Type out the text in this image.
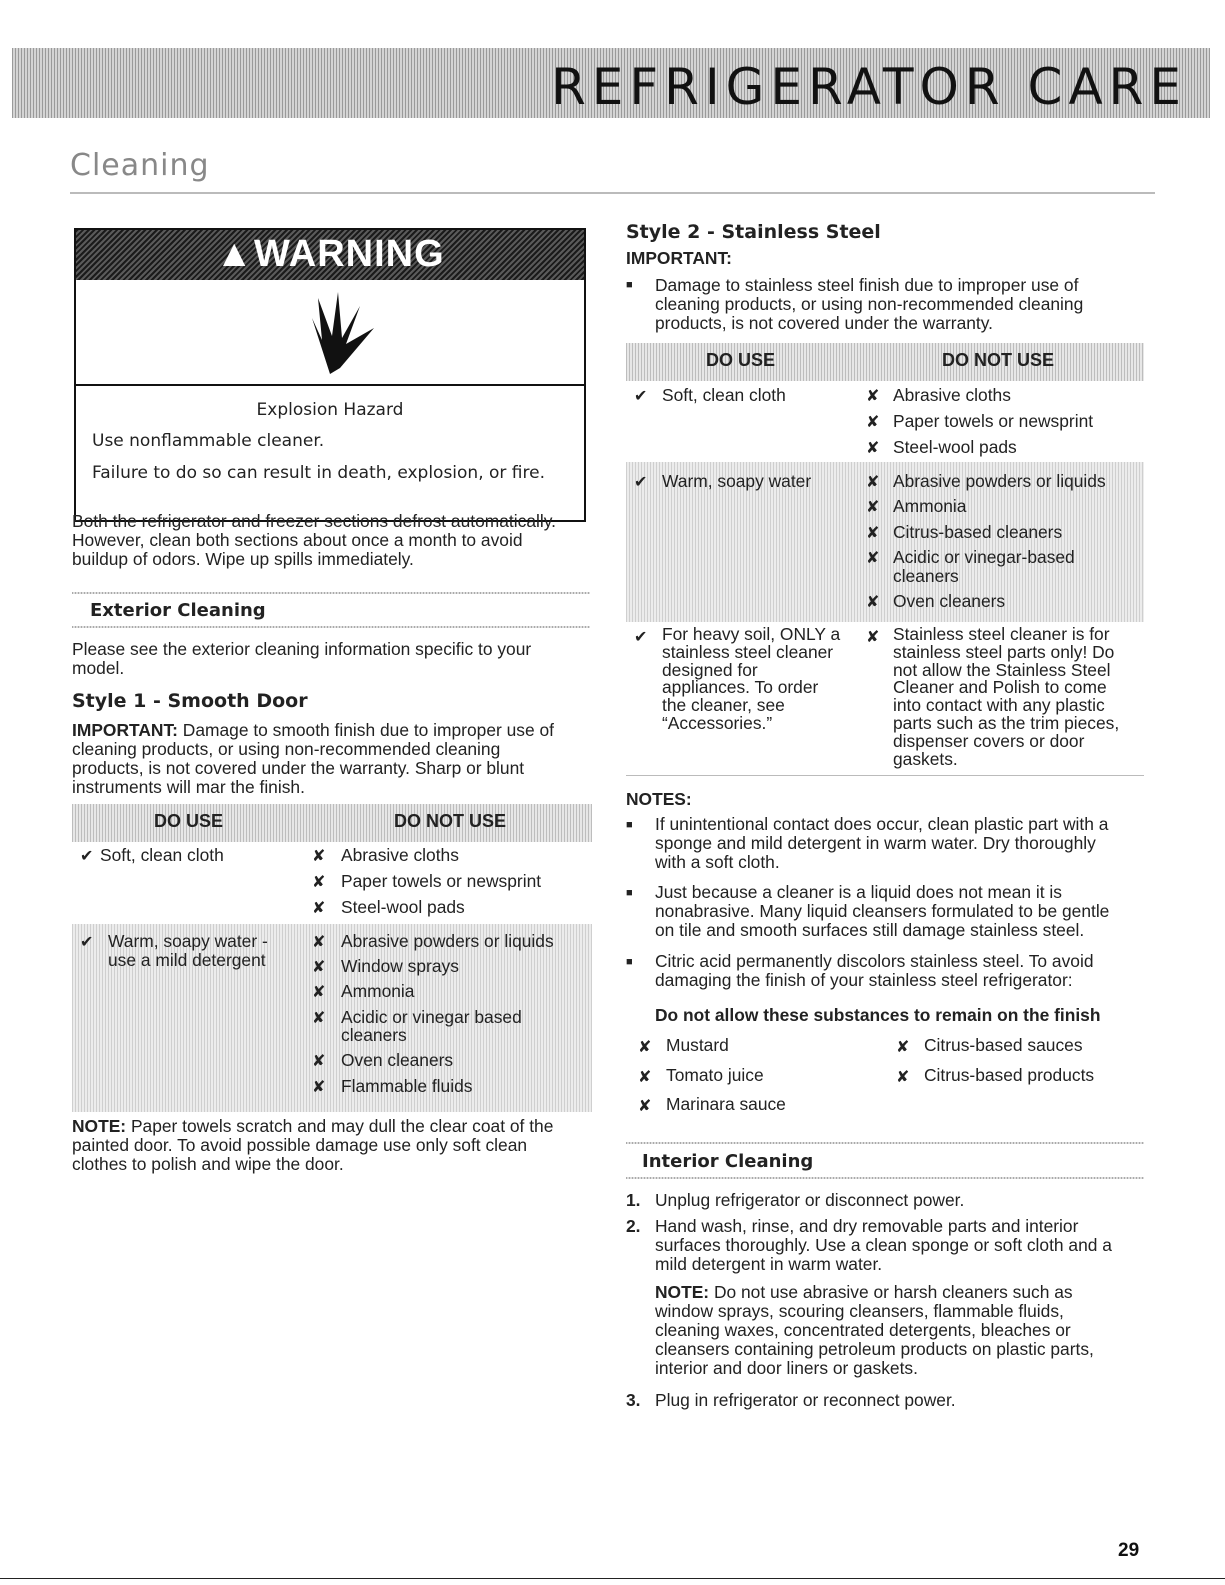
REFRIGERATOR CARE
Cleaning
▲WARNING
Explosion Hazard
Use nonflammable cleaner.
Failure to do so can result in death, explosion, or fire.
Both the refrigerator and freezer sections defrost automatically.
However, clean both sections about once a month to avoid
buildup of odors. Wipe up spills immediately.
Exterior Cleaning
Please see the exterior cleaning information specific to your
model.
Style 1 - Smooth Door
IMPORTANT: Damage to smooth finish due to improper use of
cleaning products, or using non-recommended cleaning
products, is not covered under the warranty. Sharp or blunt
instruments will mar the finish.
DO USE	DO NOT USE
✔ Soft, clean cloth	✘ Abrasive cloths
✘ Paper towels or newsprint
✘ Steel-wool pads
✔ Warm, soapy water -
use a mild detergent
✘ Abrasive powders or liquids
✘ Window sprays
✘ Ammonia
✘ Acidic or vinegar based
cleaners
✘ Oven cleaners
✘ Flammable fluids
NOTE: Paper towels scratch and may dull the clear coat of the
painted door. To avoid possible damage use only soft clean
clothes to polish and wipe the door.
Style 2 - Stainless Steel
IMPORTANT:
■ Damage to stainless steel finish due to improper use of
cleaning products, or using non-recommended cleaning
products, is not covered under the warranty.
DO USE	DO NOT USE
✔ Soft, clean cloth	✘ Abrasive cloths
✘ Paper towels or newsprint
✘ Steel-wool pads
✔ Warm, soapy water	✘ Abrasive powders or liquids
✘ Ammonia
✘ Citrus-based cleaners
✘ Acidic or vinegar-based
cleaners
✘ Oven cleaners
✔ For heavy soil, ONLY a
stainless steel cleaner
designed for
appliances. To order
the cleaner, see
“Accessories.”
✘ Stainless steel cleaner is for
stainless steel parts only! Do
not allow the Stainless Steel
Cleaner and Polish to come
into contact with any plastic
parts such as the trim pieces,
dispenser covers or door
gaskets.
NOTES:
■ If unintentional contact does occur, clean plastic part with a
sponge and mild detergent in warm water. Dry thoroughly
with a soft cloth.
■ Just because a cleaner is a liquid does not mean it is
nonabrasive. Many liquid cleansers formulated to be gentle
on tile and smooth surfaces still damage stainless steel.
■ Citric acid permanently discolors stainless steel. To avoid
damaging the finish of your stainless steel refrigerator:
Do not allow these substances to remain on the finish
✘ Mustard
✘ Tomato juice
✘ Marinara sauce
✘ Citrus-based sauces
✘ Citrus-based products
Interior Cleaning
1. Unplug refrigerator or disconnect power.
2. Hand wash, rinse, and dry removable parts and interior
surfaces thoroughly. Use a clean sponge or soft cloth and a
mild detergent in warm water.
NOTE: Do not use abrasive or harsh cleaners such as
window sprays, scouring cleansers, flammable fluids,
cleaning waxes, concentrated detergents, bleaches or
cleansers containing petroleum products on plastic parts,
interior and door liners or gaskets.
3. Plug in refrigerator or reconnect power.
29
